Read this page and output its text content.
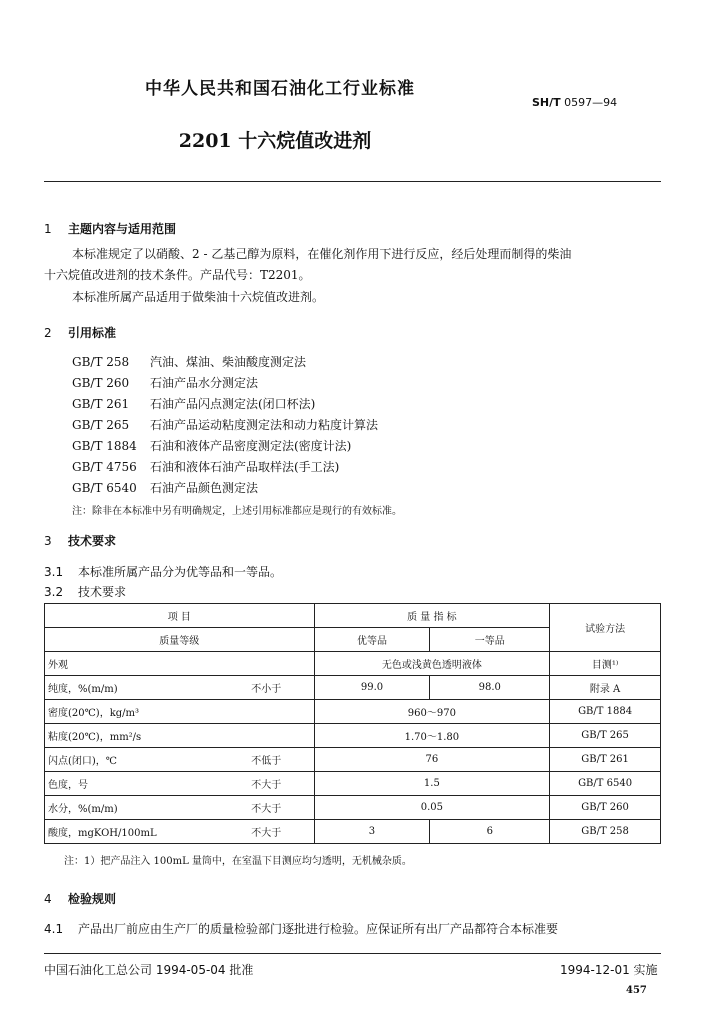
中华人民共和国石油化工行业标准
SH/T 0597—94
2201 十六烷值改进剂
1 主题内容与适用范围
本标准规定了以硝酸、2 - 乙基己醇为原料，在催化剂作用下进行反应，经后处理而制得的柴油
十六烷值改进剂的技术条件。产品代号：T2201。
本标准所属产品适用于做柴油十六烷值改进剂。
2 引用标准
GB/T 258 汽油、煤油、柴油酸度测定法
GB/T 260 石油产品水分测定法
GB/T 261 石油产品闪点测定法(闭口杯法)
GB/T 265 石油产品运动粘度测定法和动力粘度计算法
GB/T 1884 石油和液体产品密度测定法(密度计法)
GB/T 4756 石油和液体石油产品取样法(手工法)
GB/T 6540 石油产品颜色测定法
注：除非在本标准中另有明确规定，上述引用标准都应是现行的有效标准。
3 技术要求
3.1 本标准所属产品分为优等品和一等品。
3.2 技术要求
项 目		质 量 指 标		试验方法
质量等级		优等品	一等品	
外观		无色或浅黄色透明液体		目测¹⁾
纯度，%(m/m)	不小于	99.0	98.0	附录 A
密度(20℃)，kg/m³		960～970		GB/T 1884
粘度(20℃)，mm²/s		1.70～1.80		GB/T 265
闪点(闭口)，℃	不低于	76		GB/T 261
色度，号	不大于	1.5		GB/T 6540
水分，%(m/m)	不大于	0.05		GB/T 260
酸度，mgKOH/100mL	不大于	3	6	GB/T 258
注：1）把产品注入 100mL 量筒中，在室温下目测应均匀透明，无机械杂质。
4 检验规则
4.1 产品出厂前应由生产厂的质量检验部门逐批进行检验。应保证所有出厂产品都符合本标准要
中国石油化工总公司 1994-05-04 批准	1994-12-01 实施
457
